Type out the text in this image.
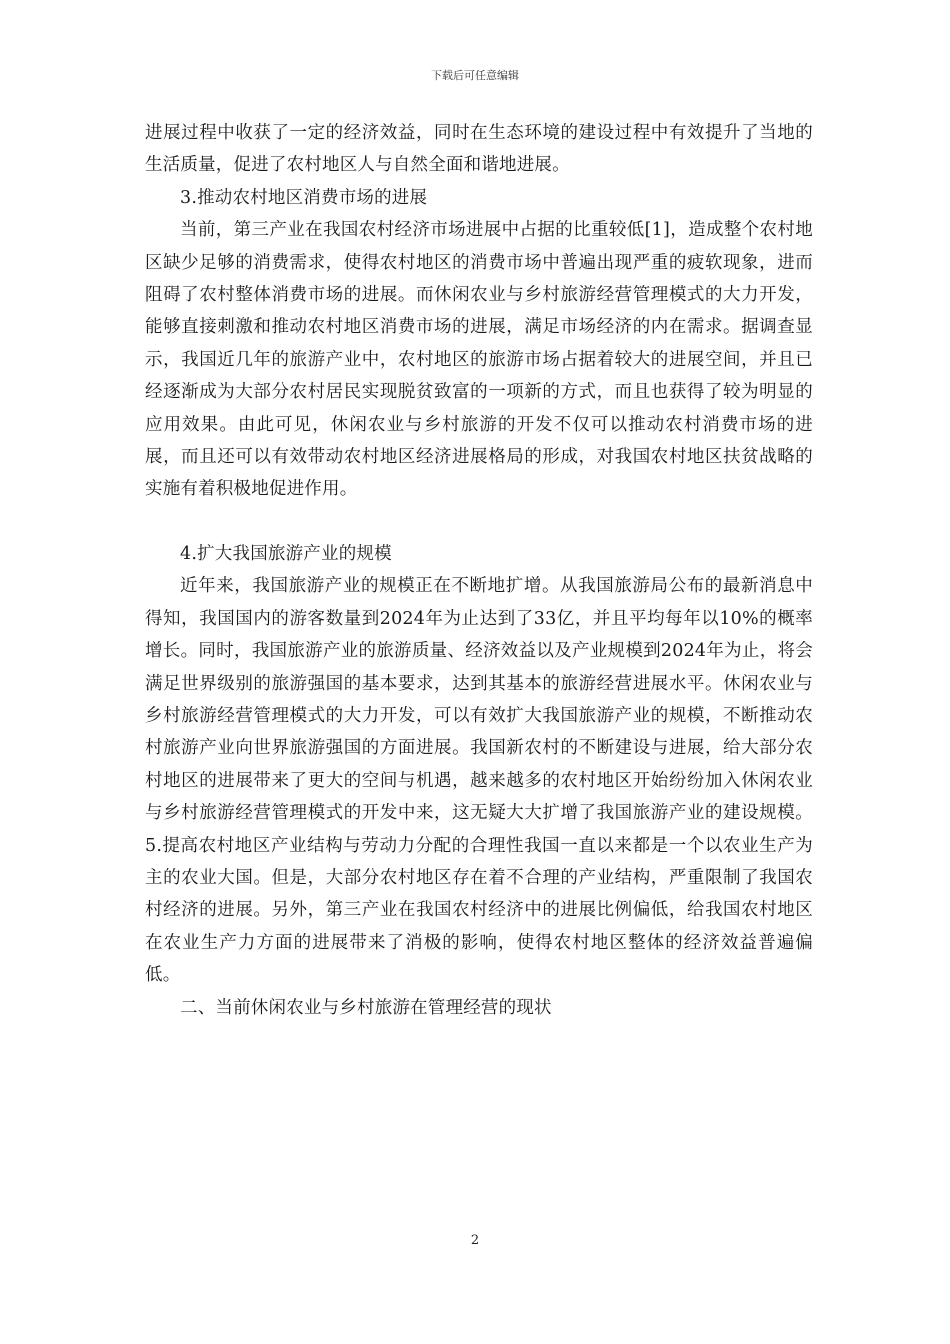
下载后可任意编辑

进展过程中收获了一定的经济效益，同时在生态环境的建设过程中有效提升了当地的生活质量，促进了农村地区人与自然全面和谐地进展。

3.推动农村地区消费市场的进展

当前，第三产业在我国农村经济市场进展中占据的比重较低[1]，造成整个农村地区缺少足够的消费需求，使得农村地区的消费市场中普遍出现严重的疲软现象，进而阻碍了农村整体消费市场的进展。而休闲农业与乡村旅游经营管理模式的大力开发，能够直接刺激和推动农村地区消费市场的进展，满足市场经济的内在需求。据调查显示，我国近几年的旅游产业中，农村地区的旅游市场占据着较大的进展空间，并且已经逐渐成为大部分农村居民实现脱贫致富的一项新的方式，而且也获得了较为明显的应用效果。由此可见，休闲农业与乡村旅游的开发不仅可以推动农村消费市场的进展，而且还可以有效带动农村地区经济进展格局的形成，对我国农村地区扶贫战略的实施有着积极地促进作用。

4.扩大我国旅游产业的规模

近年来，我国旅游产业的规模正在不断地扩增。从我国旅游局公布的最新消息中得知，我国国内的游客数量到2024年为止达到了33亿，并且平均每年以10%的概率增长。同时，我国旅游产业的旅游质量、经济效益以及产业规模到2024年为止，将会满足世界级别的旅游强国的基本要求，达到其基本的旅游经营进展水平。休闲农业与乡村旅游经营管理模式的大力开发，可以有效扩大我国旅游产业的规模，不断推动农村旅游产业向世界旅游强国的方面进展。我国新农村的不断建设与进展，给大部分农村地区的进展带来了更大的空间与机遇，越来越多的农村地区开始纷纷加入休闲农业与乡村旅游经营管理模式的开发中来，这无疑大大扩增了我国旅游产业的建设规模。5.提高农村地区产业结构与劳动力分配的合理性我国一直以来都是一个以农业生产为主的农业大国。但是，大部分农村地区存在着不合理的产业结构，严重限制了我国农村经济的进展。另外，第三产业在我国农村经济中的进展比例偏低，给我国农村地区在农业生产力方面的进展带来了消极的影响，使得农村地区整体的经济效益普遍偏低。

二、当前休闲农业与乡村旅游在管理经营的现状

2
